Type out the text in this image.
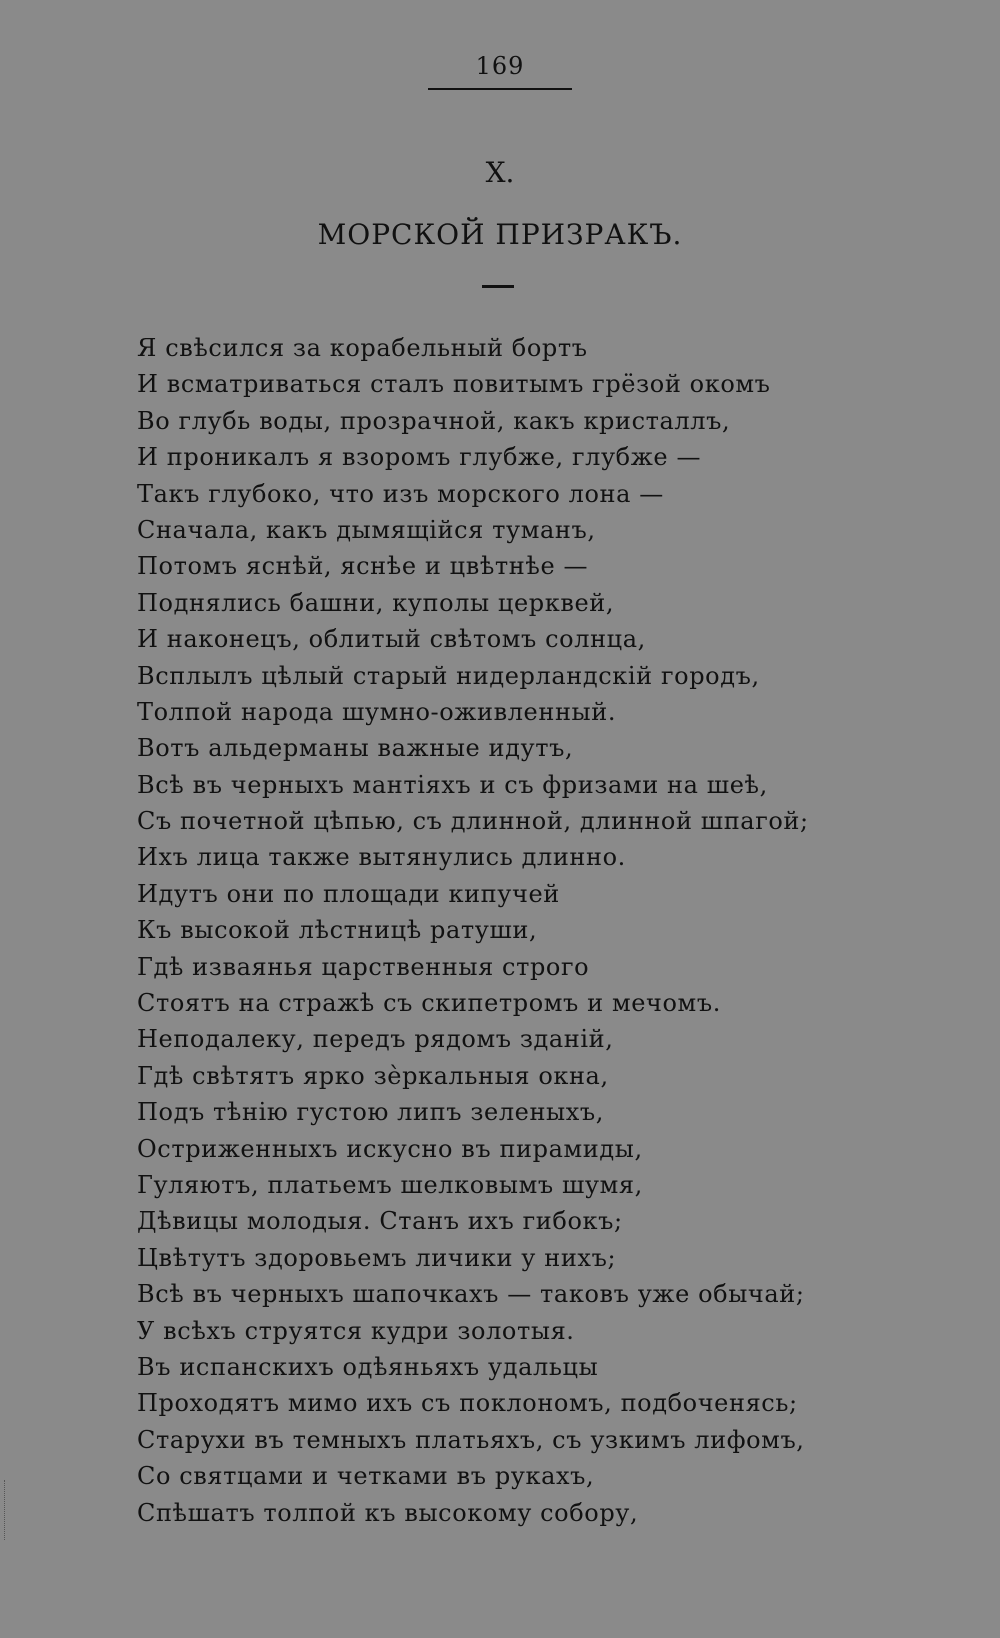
169
X.
МОРСКОЙ ПРИЗРАКЪ.
Я свѣсился за корабельный бортъ
И всматриваться сталъ повитымъ грёзой окомъ
Во глубь воды, прозрачной, какъ кристаллъ,
И проникалъ я взоромъ глубже, глубже —
Такъ глубоко, что изъ морского лона —
Сначала, какъ дымящійся туманъ,
Потомъ яснѣй, яснѣе и цвѣтнѣе —
Поднялись башни, куполы церквей,
И наконецъ, облитый свѣтомъ солнца,
Всплылъ цѣлый старый нидерландскій городъ,
Толпой народа шумно-оживленный.
Вотъ альдерманы важные идутъ,
Всѣ въ черныхъ мантіяхъ и съ фризами на шеѣ,
Съ почетной цѣпью, съ длинной, длинной шпагой;
Ихъ лица также вытянулись длинно.
Идутъ они по площади кипучей
Къ высокой лѣстницѣ ратуши,
Гдѣ изваянья царственныя строго
Стоятъ на стражѣ съ скипетромъ и мечомъ.
Неподалеку, передъ рядомъ зданій,
Гдѣ свѣтятъ ярко зѐркальныя окна,
Подъ тѣнію густою липъ зеленыхъ,
Остриженныхъ искусно въ пирамиды,
Гуляютъ, платьемъ шелковымъ шумя,
Дѣвицы молодыя. Станъ ихъ гибокъ;
Цвѣтутъ здоровьемъ личики у нихъ;
Всѣ въ черныхъ шапочкахъ — таковъ уже обычай;
У всѣхъ струятся кудри золотыя.
Въ испанскихъ одѣяньяхъ удальцы
Проходятъ мимо ихъ съ поклономъ, подбоченясь;
Старухи въ темныхъ платьяхъ, съ узкимъ лифомъ,
Со святцами и четками въ рукахъ,
Спѣшатъ толпой къ высокому собору,
